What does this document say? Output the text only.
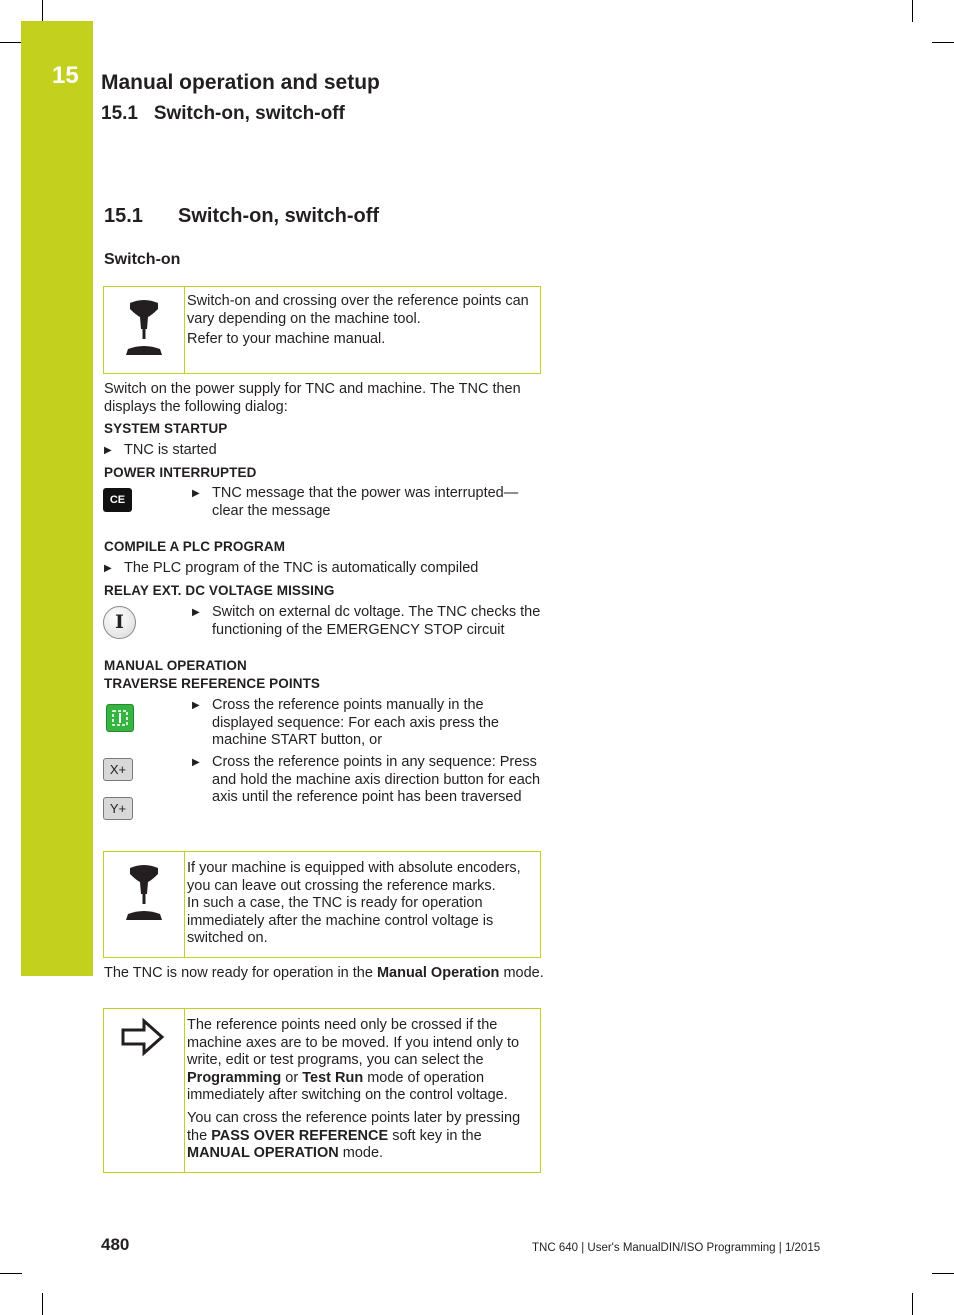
15 Manual operation and setup
15.1   Switch-on, switch-off
15.1 Switch-on, switch-off
Switch-on

Switch-on and crossing over the reference points can vary depending on the machine tool.

Refer to your machine manual.

Switch on the power supply for TNC and machine. The TNC then displays the following dialog:
SYSTEM STARTUP
▶ TNC is started
POWER INTERRUPTED
CE
▶ TNC message that the power was interrupted—clear the message
COMPILE A PLC PROGRAM
▶ The PLC program of the TNC is automatically compiled
RELAY EXT. DC VOLTAGE MISSING
I	▶ Switch on external dc voltage. The TNC checks the functioning of the EMERGENCY STOP circuit
MANUAL OPERATION
TRAVERSE REFERENCE POINTS
▶ Cross the reference points manually in the displayed sequence: For each axis press the machine START button, or
X+
Y+
▶ Cross the reference points in any sequence: Press and hold the machine axis direction button for each axis until the reference point has been traversed

If your machine is equipped with absolute encoders, you can leave out crossing the reference marks.

In such a case, the TNC is ready for operation immediately after the machine control voltage is switched on.

The TNC is now ready for operation in the Manual Operation mode.

The reference points need only be crossed if the machine axes are to be moved. If you intend only to write, edit or test programs, you can select the Programming or Test Run mode of operation immediately after switching on the control voltage.

You can cross the reference points later by pressing the PASS OVER REFERENCE soft key in the MANUAL OPERATION mode.

480	TNC 640 | User's ManualDIN/ISO Programming | 1/2015
